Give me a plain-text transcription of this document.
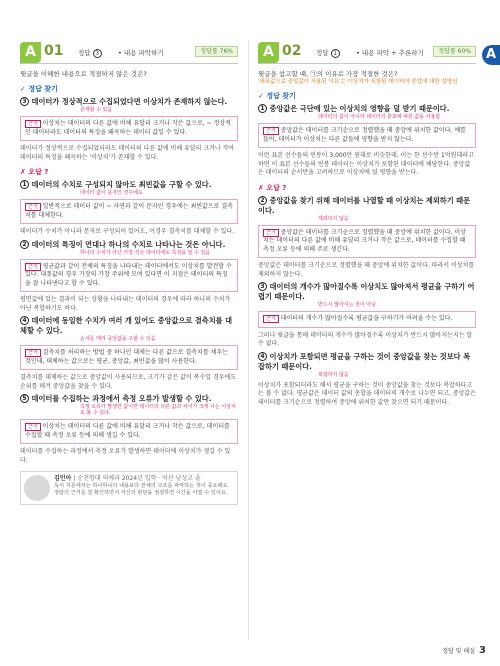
A
A 01 정답 3	• 내용 파악하기	정답률 76%
윗글을 이해한 내용으로 적절하지 않은 것은?
✓ 정답 찾기
3 데이터가 정상적으로 수집되었다면 이상치가 존재하지 않는다.
존재할 수 있음
근거 이상치는 데이터의 다른 값에 비해 유달리 크거나 작은 값으로, ~ 정상적인 데이터라도 데이터의 특징을 왜곡하는 데이터 값일 수 있다.
데이터가 정상적으로 수집되었더라도 데이터의 다른 값에 비해 유달리 크거나 작아 데이터의 특징을 왜곡하는 '이상치'가 존재할 수 있다.
✗ 오답 ?
1 데이터의 수치로 구성되지 않아도 최빈값을 구할 수 있다.
데이터 값이 문자인 경우에도
근거 일반적으로 데이터 값이 ~ 자연과 같이 문자인 경우에는 최빈값으로 결측치를 대체한다.
데이터가 수치가 아니라 문자로 구성되어 있어도, 이경우 결측치를 대체할 수 있다.
2 데이터의 특징이 연대나 하나의 수치로 나타나는 것은 아니다.
하나의 수치가 아닌 가장 적은 데이터에도 특징을 알 수 있음
근거 평균값과 같이 전체의 특징을 나타내는 데이터에서도 이상치를 발견할 수 있다. 대푯값의 경우 가장의 가장 주위에 모여 있다면 이 지점은 데이터의 특징을 잘 나타낸다고 할 수 있다.
평면값에 있는 결과이 되는 상황을 나타내는 데이터의 경우에 따라 하나의 수치가 아닌 복합하기도 하다.
4 데이터에 동일한 수치가 여러 개 있어도 중앙값으로 결측치를 대체할 수 있다.
순서를 매겨 중앙값을 구할 수 있음
근거 결측치를 처리하는 방법 중 하나인 대체는 다른 값으로 결측치를 채우는 것인데, 대체하는 값으로는 평균, 중앙값, 최빈값을 많이 사용한다.
결측치를 대체하는 값으로 중앙값이 사용되므로, 크기가 같은 값이 복수일 경우에도 순위를 매겨 중앙값을 찾을 수 있다.
5 데이터를 수집하는 과정에서 측정 오류가 발생할 수 있다.
측정 오류가 발생한 값이면 데이터의 다른 값과 차이가 크게 나는 이상치로 볼 수 있다.
근거 이상치는 데이터의 다른 값에 비해 유달리 크거나 작은 값으로, 데이터를 수집할 때 측정 오류 등에 의해 생길 수 있다.
데이터를 수집하는 과정에서 측정 오류가 발생하면 데이터에 이상치가 생길 수 있다.
김민아 | 순천향대 의예과 2024년 입학 · 익산 남성고 졸
독서 지문에서는 하나하나의 내용보다 전체의 구조를 파악하는 것이 중요해요. 정답의 근거를 잘 확인하면서 자신의 판단을 점검하면 시간을 아낄 수 있어요.
A 02 정답 1	• 내용 파악 + 추론하기	정답률 60%
윗글을 참고할 때, ㉠의 이유로 가장 적절한 것은?
'대표값으로 중앙값이 사용된 이유'는 이상치가 포함된 데이터의 중앙에 대한 설명임
✓ 정답 찾기
1 중앙값은 극단에 있는 이상치의 영향을 덜 받기 때문이다.
데이터의 값이 아니라 데이터의 분포에 따른 값을 사용함
근거 중앙값은 데이터를 크기순으로 정렬했을 때 중앙에 위치한 값이다. 예를 들어, 데이터가 이상치는 다른 값들에 영향을 받지 않는다.
이런 표본 선수들의 연봉이 3,000만 원대로 비슷한데, 이는 한 선수만 1억원대라고 하면 이 표본 선수들의 연봉 데이터는 이상치가 포함된 데이터에 해당한다. 중앙값은 데이터의 순서만을 고려하므로 이상치에 덜 영향을 받는다.
✗ 오답 ?
2 중앙값을 찾기 위해 데이터를 나열할 때 이상치는 제외하기 때문이다.
제외하지 않음
근거 중앙값은 데이터를 크기순으로 정렬했을 때 중앙에 위치한 값이다. 이상치는 데이터의 다른 값에 비해 유달리 크거나 작은 값으로, 데이터를 수집할 때 측정 오류 등에 의해 주로 생긴다.
중앙값은 데이터를 크기순으로 정렬했을 때 중앙에 위치한 값이다. 따라서 이상치를 제외하지 않는다.
3 데이터의 개수가 많아질수록 이상치도 많아져서 평균을 구하기 어렵기 때문이다.
반드시 많아지는 것이 아님
근거 데이터의 개수가 많아질수록 평균값을 구하기가 어려울 수는 있다.
그러나 윗글을 통해 데이터의 개수가 많아질수록 이상치가 반드시 많아지는지는 알 수 없다.
4 이상치가 포함되면 평균을 구하는 것이 중앙값을 찾는 것보다 복잡하기 때문이다.
복잡하지 않음
이상치가 포함되더라도 해서 평균을 구하는 것이 중앙값을 찾는 것보다 복잡하다고는 볼 수 없다. 평균값은 데이터 값의 총합을 데이터의 개수로 나누면 되고, 중앙값은 데이터를 크기순으로 정렬하여 중앙에 위치한 값만 찾으면 되기 때문이다.
정답 및 해설 3
